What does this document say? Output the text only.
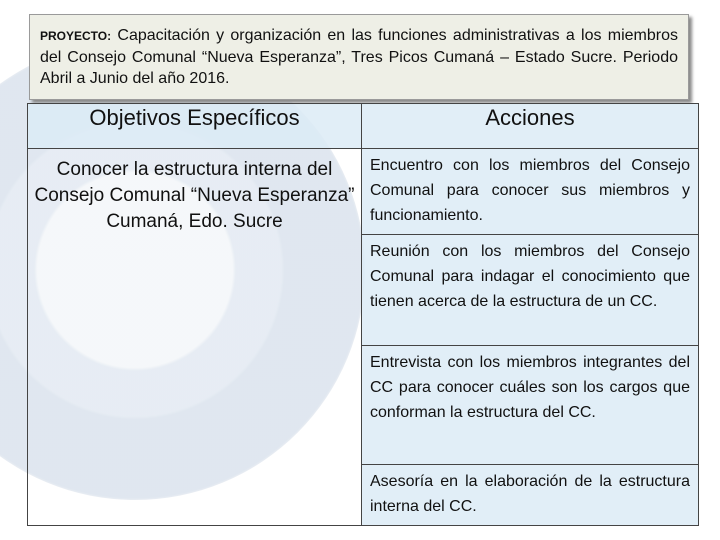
PROYECTO: Capacitación y organización en las funciones administrativas a los miembros del Consejo Comunal “Nueva Esperanza”, Tres Picos Cumaná – Estado Sucre. Periodo Abril a Junio del año 2016.
Objetivos Específicos	Acciones
Conocer la estructura interna del Consejo Comunal “Nueva Esperanza” Cumaná, Edo. Sucre	Encuentro con los miembros del Consejo Comunal para conocer sus miembros y funcionamiento.
	Reunión con los miembros del Consejo Comunal para indagar el conocimiento que tienen acerca de la estructura de un CC.
	Entrevista con los miembros integrantes del CC para conocer cuáles son los cargos que conforman la estructura del CC.
	Asesoría en la elaboración de la estructura interna del CC.
